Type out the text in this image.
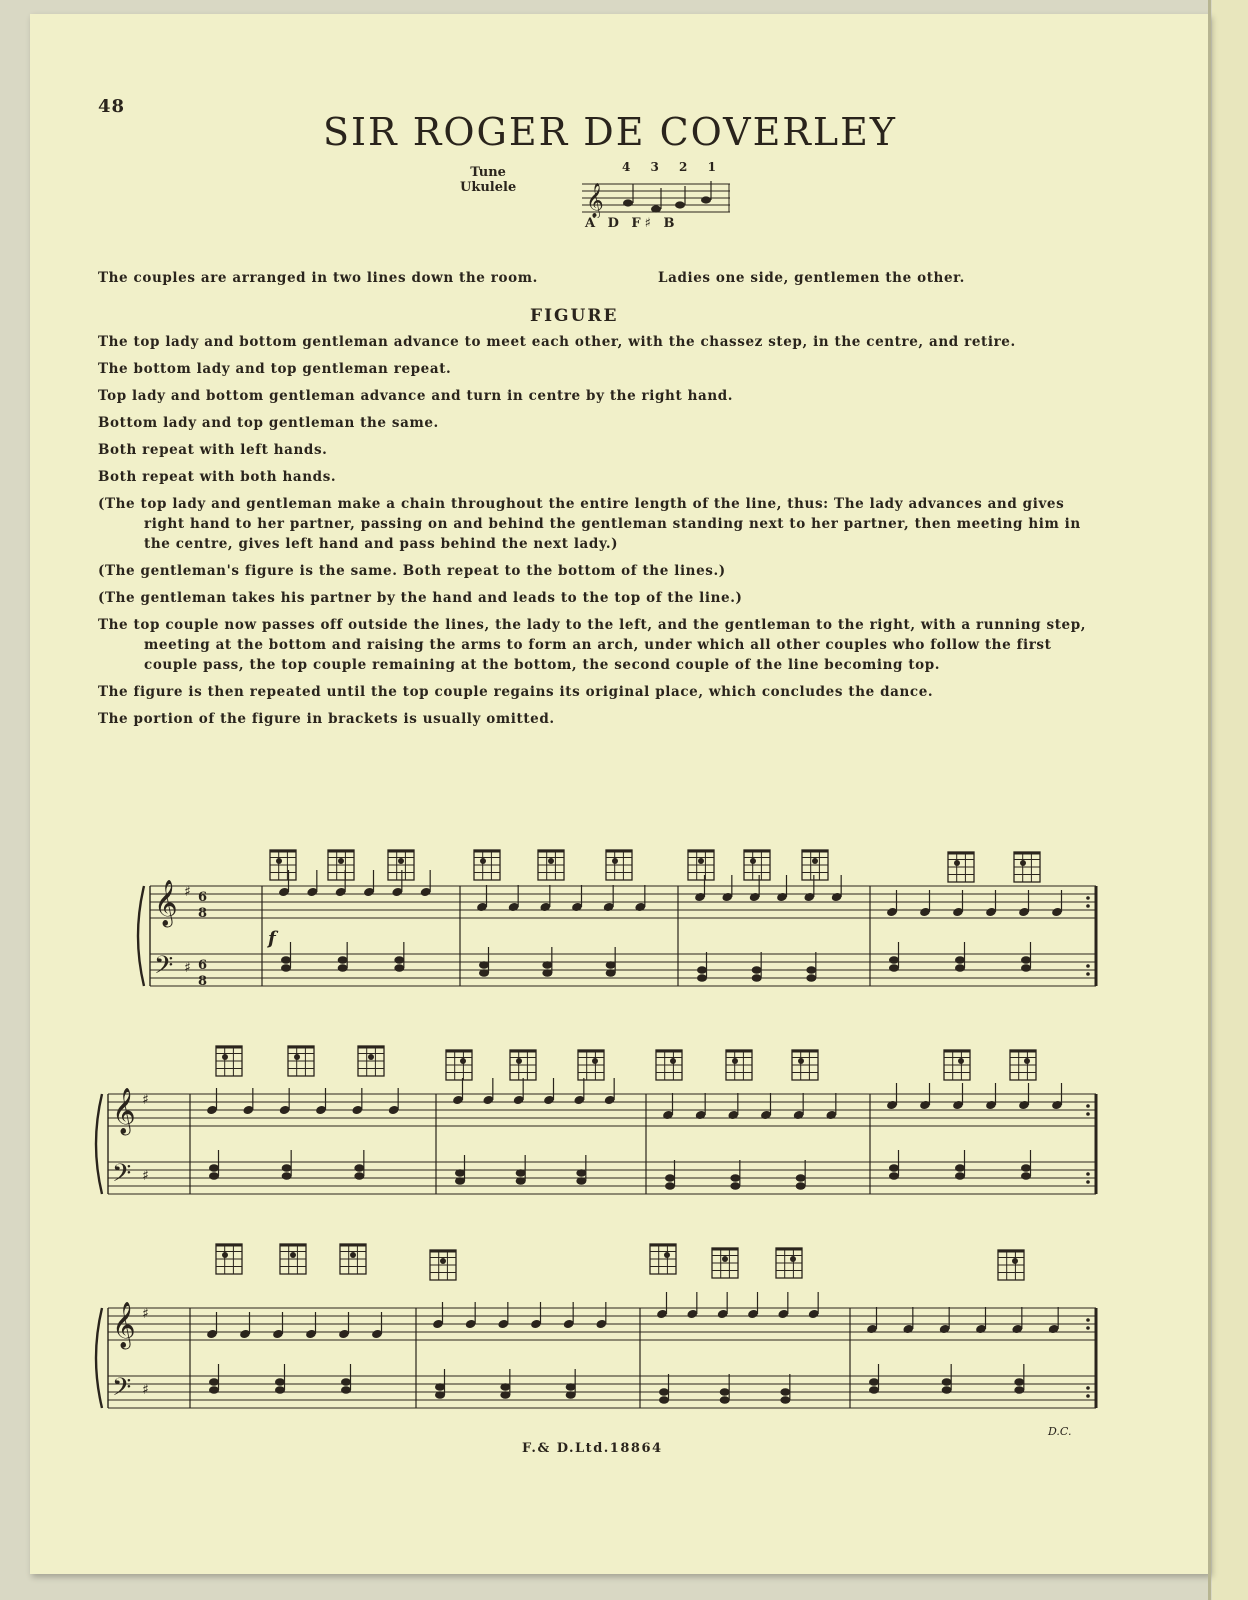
48
SIR ROGER DE COVERLEY
Tune
Ukulele
4 3 2 1
𝄞
A D F♯ B
The couples are arranged in two lines down the room.	Ladies one side, gentlemen the other.
FIGURE

The top lady and bottom gentleman advance to meet each other, with the chassez step, in the centre, and retire.

The bottom lady and top gentleman repeat.

Top lady and bottom gentleman advance and turn in centre by the right hand.

Bottom lady and top gentleman the same.

Both repeat with left hands.

Both repeat with both hands.

(The top lady and gentleman make a chain throughout the entire length of the line, thus: The lady advances and gives right hand to her partner, passing on and behind the gentleman standing next to her partner, then meeting him in the centre, gives left hand and pass behind the next lady.)

(The gentleman's figure is the same. Both repeat to the bottom of the lines.)

(The gentleman takes his partner by the hand and leads to the top of the line.)

The top couple now passes off outside the lines, the lady to the left, and the gentleman to the right, with a running step, meeting at the bottom and raising the arms to form an arch, under which all other couples who follow the first couple pass, the top couple remaining at the bottom, the second couple of the line becoming top.

The figure is then repeated until the top couple regains its original place, which concludes the dance.

The portion of the figure in brackets is usually omitted.

𝄞
𝄢
♯
♯
6
8
6
8
f
𝄞
𝄢
♯
♯
𝄞
𝄢
♯
♯
F.& D.Ltd.18864
D.C.
